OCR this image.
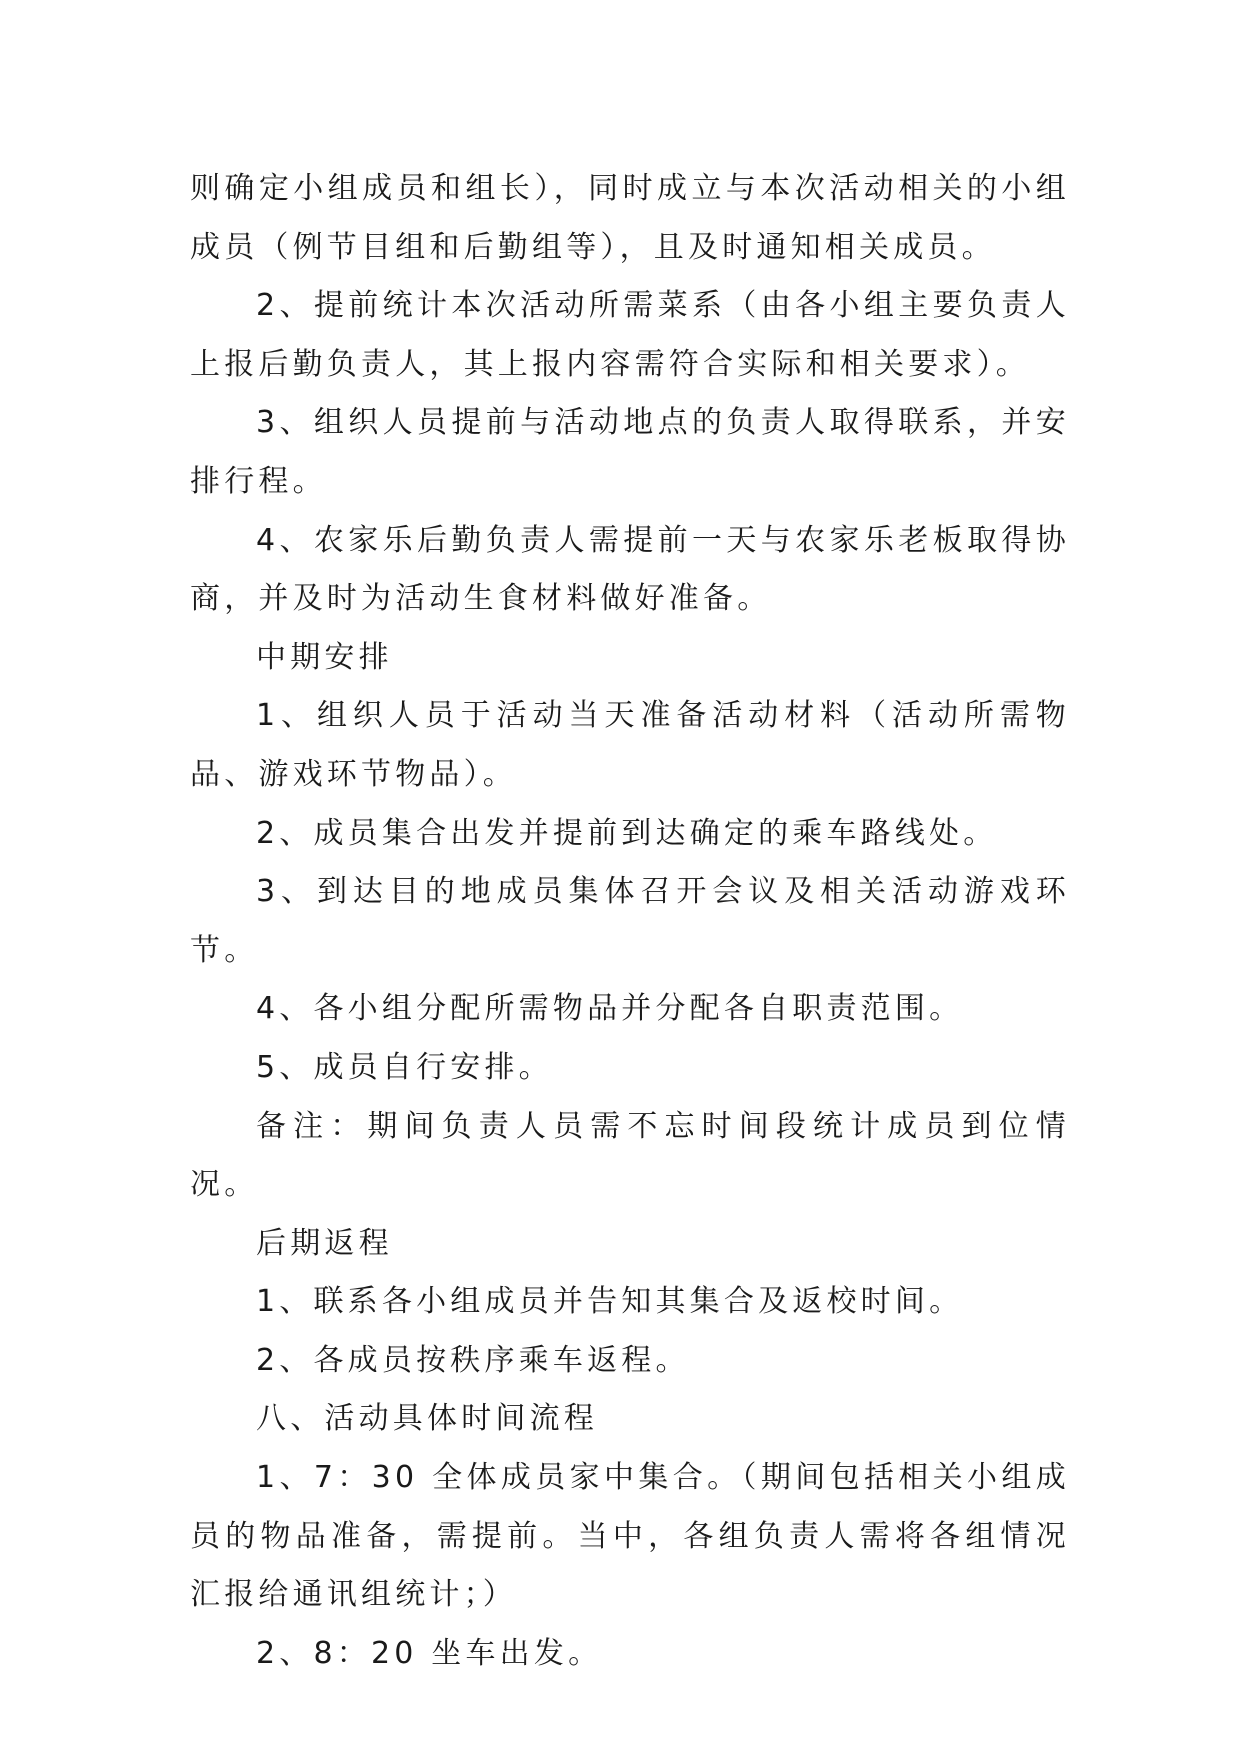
则确定小组成员和组长），同时成立与本次活动相关的小组成员（例节目组和后勤组等），且及时通知相关成员。

2、提前统计本次活动所需菜系（由各小组主要负责人上报后勤负责人，其上报内容需符合实际和相关要求）。

3、组织人员提前与活动地点的负责人取得联系，并安排行程。

4、农家乐后勤负责人需提前一天与农家乐老板取得协商，并及时为活动生食材料做好准备。

中期安排

1、组织人员于活动当天准备活动材料（活动所需物品、游戏环节物品）。

2、成员集合出发并提前到达确定的乘车路线处。

3、到达目的地成员集体召开会议及相关活动游戏环节。

4、各小组分配所需物品并分配各自职责范围。

5、成员自行安排。

备注：期间负责人员需不忘时间段统计成员到位情况。

后期返程

1、联系各小组成员并告知其集合及返校时间。

2、各成员按秩序乘车返程。

八、活动具体时间流程

1、7：30 全体成员家中集合。（期间包括相关小组成员的物品准备，需提前。当中，各组负责人需将各组情况汇报给通讯组统计；）

2、8：20 坐车出发。
